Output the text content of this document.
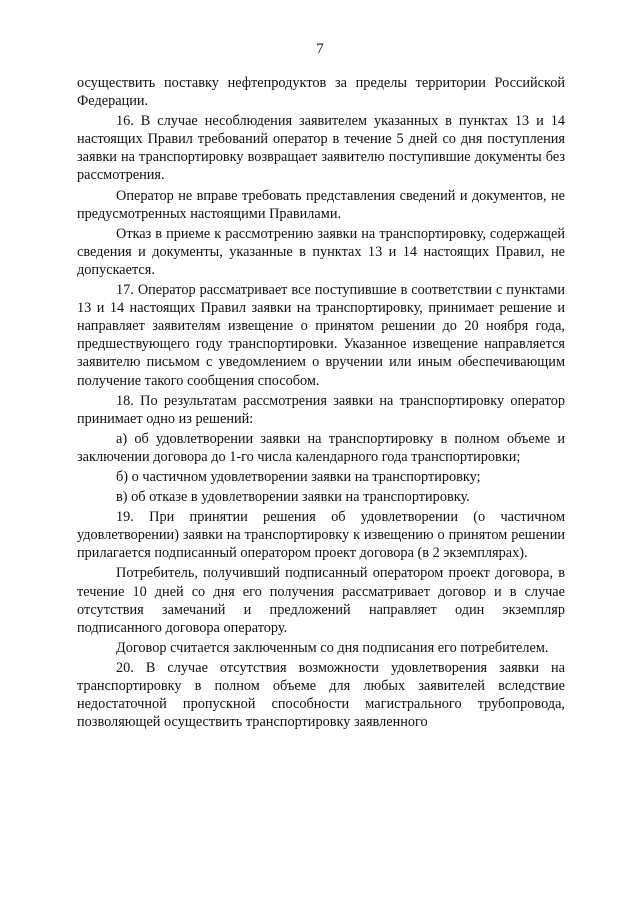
7

осуществить поставку нефтепродуктов за пределы территории Российской Федерации.

16. В случае несоблюдения заявителем указанных в пунктах 13 и 14 настоящих Правил требований оператор в течение 5 дней со дня поступления заявки на транспортировку возвращает заявителю поступившие документы без рассмотрения.

Оператор не вправе требовать представления сведений и документов, не предусмотренных настоящими Правилами.

Отказ в приеме к рассмотрению заявки на транспортировку, содержащей сведения и документы, указанные в пунктах 13 и 14 настоящих Правил, не допускается.

17. Оператор рассматривает все поступившие в соответствии с пунктами 13 и 14 настоящих Правил заявки на транспортировку, принимает решение и направляет заявителям извещение о принятом решении до 20 ноября года, предшествующего году транспортировки. Указанное извещение направляется заявителю письмом с уведомлением о вручении или иным обеспечивающим получение такого сообщения способом.

18. По результатам рассмотрения заявки на транспортировку оператор принимает одно из решений:

а) об удовлетворении заявки на транспортировку в полном объеме и заключении договора до 1-го числа календарного года транспортировки;

б) о частичном удовлетворении заявки на транспортировку;

в) об отказе в удовлетворении заявки на транспортировку.

19. При принятии решения об удовлетворении (о частичном удовлетворении) заявки на транспортировку к извещению о принятом решении прилагается подписанный оператором проект договора (в 2 экземплярах).

Потребитель, получивший подписанный оператором проект договора, в течение 10 дней со дня его получения рассматривает договор и в случае отсутствия замечаний и предложений направляет один экземпляр подписанного договора оператору.

Договор считается заключенным со дня подписания его потребителем.

20. В случае отсутствия возможности удовлетворения заявки на транспортировку в полном объеме для любых заявителей вследствие недостаточной пропускной способности магистрального трубопровода, позволяющей осуществить транспортировку заявленного
